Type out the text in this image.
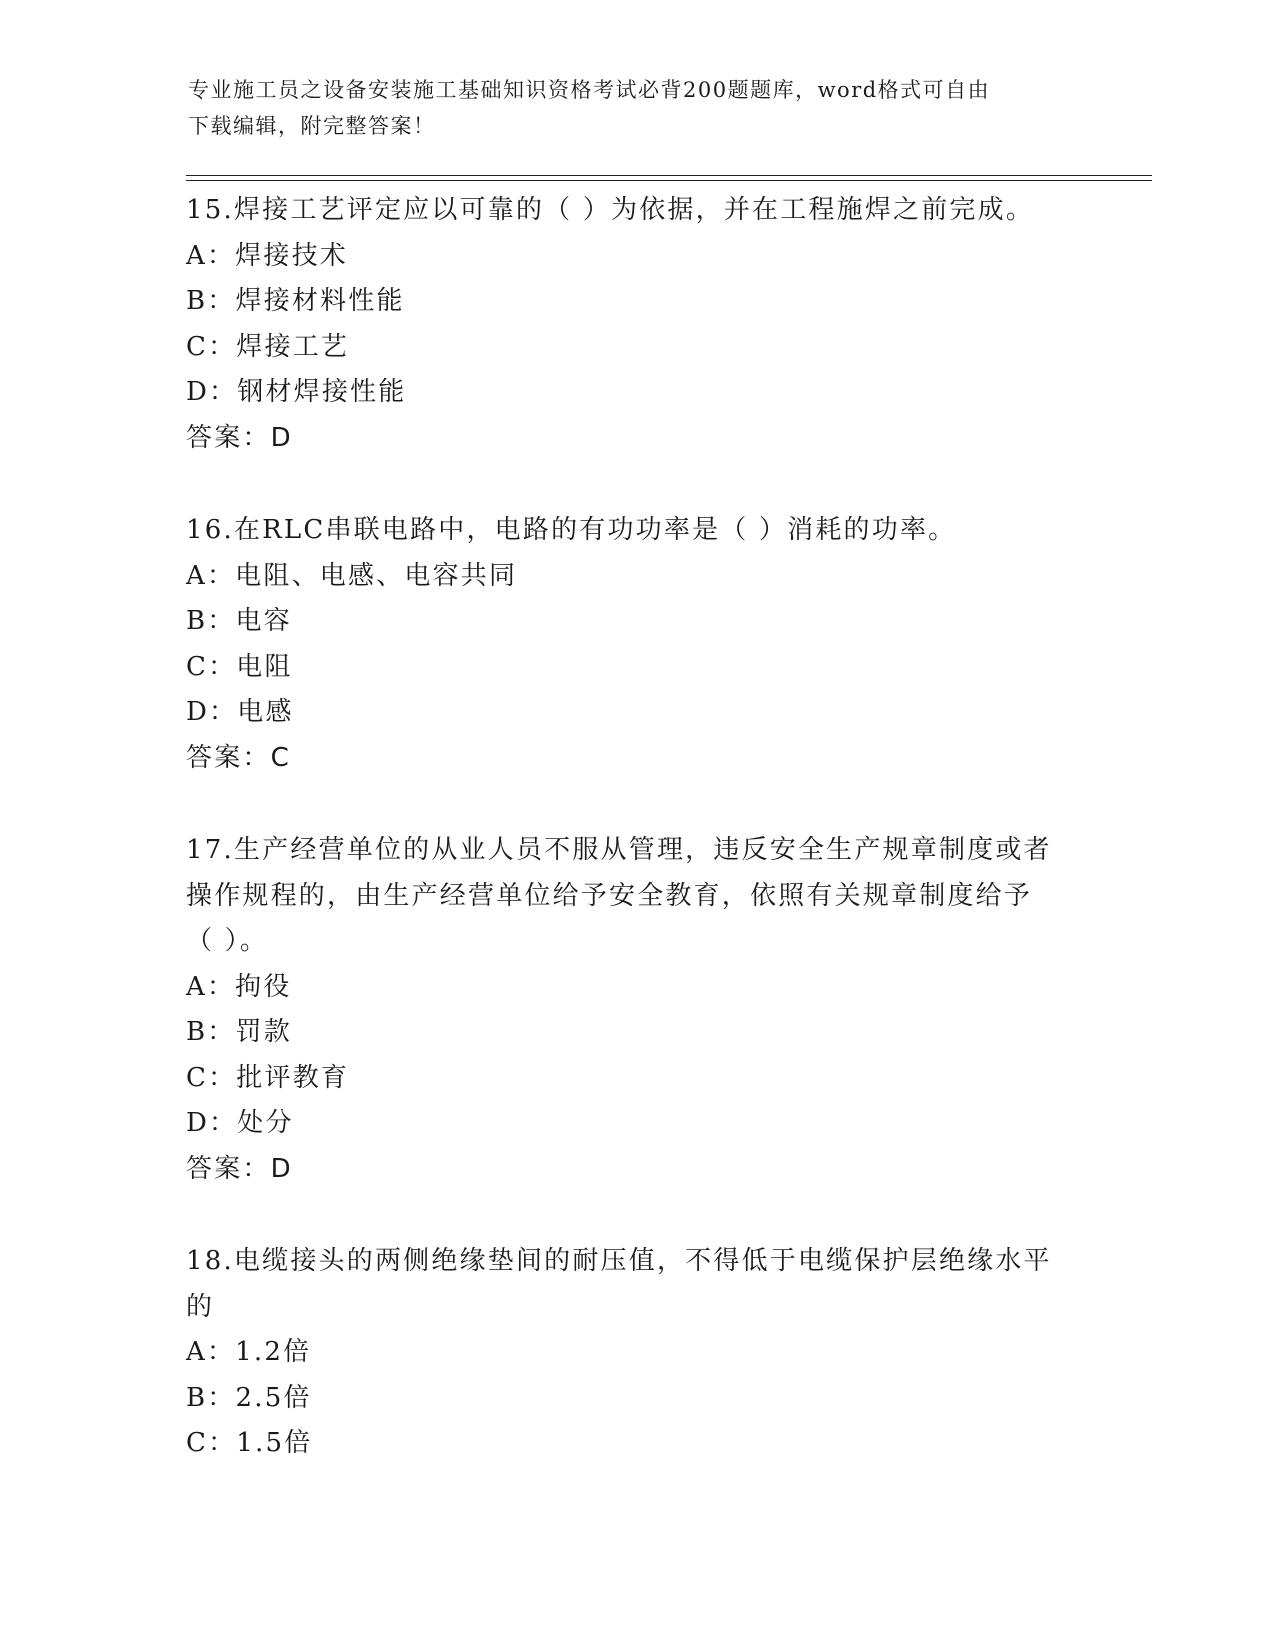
专业施工员之设备安装施工基础知识资格考试必背200题题库，word格式可自由
下载编辑，附完整答案！
15.焊接工艺评定应以可靠的（ ）为依据，并在工程施焊之前完成。
A：焊接技术
B：焊接材料性能
C：焊接工艺
D：钢材焊接性能
答案：D
16.在RLC串联电路中，电路的有功功率是（ ）消耗的功率。
A：电阻、电感、电容共同
B：电容
C：电阻
D：电感
答案：C
17.生产经营单位的从业人员不服从管理，违反安全生产规章制度或者
操作规程的，由生产经营单位给予安全教育，依照有关规章制度给予
（ ）。
A：拘役
B：罚款
C：批评教育
D：处分
答案：D
18.电缆接头的两侧绝缘垫间的耐压值，不得低于电缆保护层绝缘水平
的
A：1.2倍
B：2.5倍
C：1.5倍
